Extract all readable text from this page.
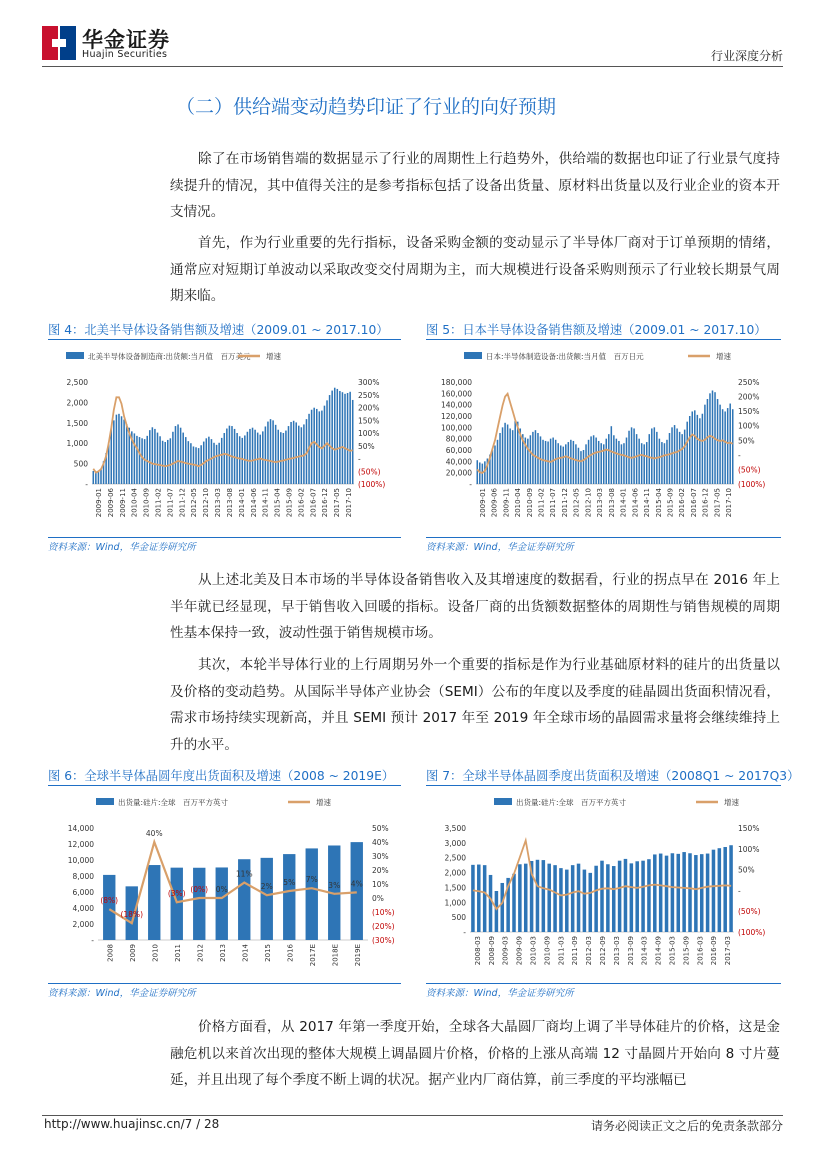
华金证券
Huajin Securities	行业深度分析
（二）供给端变动趋势印证了行业的向好预期
除了在市场销售端的数据显示了行业的周期性上行趋势外，供给端的数据也印证了行业景气度持续提升的情况，其中值得关注的是参考指标包括了设备出货量、原材料出货量以及行业企业的资本开支情况。
首先，作为行业重要的先行指标，设备采购金额的变动显示了半导体厂商对于订单预期的情绪，通常应对短期订单波动以采取改变交付周期为主，而大规模进行设备采购则预示了行业较长期景气周期来临。
图 4：北美半导体设备销售额及增速（2009.01 ~ 2017.10）	图 5：日本半导体设备销售额及增速（2009.01 ~ 2017.10）
北美半导体设备制造商:出货额:当月值　百万美元 增速
2,500
2,000
1,500
1,000
500
-
300%
250%
200%
150%
100%
50%
-
(50%)
(100%)
2009-01 2009-06 2009-11 2010-04 2010-09 2011-02 2011-07 2011-12 2012-05 2012-10 2013-03 2013-08 2014-01 2014-06 2014-11 2015-04 2015-09 2016-02 2016-07 2016-12 2017-05 2017-10
日本:半导体制造设备:出货额:当月值　百万日元	增速
180,000
160,000
140,000
120,000
100,000
80,000
60,000
40,000
20,000
-
250%
200%
150%
100%
50%
-
(50%)
(100%)
2009-01 2009-06 2009-11 2010-04 2010-09 2011-02 2011-07 2011-12 2012-05 2012-10 2013-03 2013-08 2014-01 2014-06 2014-11 2015-04 2015-09 2016-02 2016-07 2016-12 2017-05 2017-10
资料来源：Wind，华金证券研究所	资料来源：Wind，华金证券研究所
从上述北美及日本市场的半导体设备销售收入及其增速度的数据看，行业的拐点早在 2016 年上半年就已经显现，早于销售收入回暖的指标。设备厂商的出货额数据整体的周期性与销售规模的周期性基本保持一致，波动性强于销售规模市场。
其次，本轮半导体行业的上行周期另外一个重要的指标是作为行业基础原材料的硅片的出货量以及价格的变动趋势。从国际半导体产业协会（SEMI）公布的年度以及季度的硅晶圆出货面积情况看，需求市场持续实现新高，并且 SEMI 预计 2017 年至 2019 年全球市场的晶圆需求量将会继续维持上升的水平。
图 6：全球半导体晶圆年度出货面积及增速（2008 ~ 2019E）	图 7：全球半导体晶圆季度出货面积及增速（2008Q1 ~ 2017Q3）
出货量:硅片:全球　百万平方英寸	增速
14,000
12,000
10,000
8,000
6,000
4,000
2,000
-
50%
40%
30%
20%
10%
0%
(10%)
(20%)
(30%)
(8%)
(18%)
40%
(3%) (0%) 0%
11%
2% 5% 7%
3% 4%
2008 2009 2010 2011 2012 2013 2014 2015 2016 2017E 2018E 2019E
出货量:硅片:全球　百万平方英寸	增速
3,500
3,000
2,500
2,000
1,500
1,000
500
-
150%
100%
50%
-
(50%)
(100%)
2008-03 2008-09 2009-03 2009-09 2010-03 2010-09 2011-03 2011-09 2012-03 2012-09 2013-03 2013-09 2014-03 2014-09 2015-03 2015-09 2016-03 2016-09 2017-03
资料来源：Wind，华金证券研究所	资料来源：Wind，华金证券研究所
价格方面看，从 2017 年第一季度开始，全球各大晶圆厂商均上调了半导体硅片的价格，这是金融危机以来首次出现的整体大规模上调晶圆片价格，价格的上涨从高端 12 寸晶圆片开始向 8 寸片蔓延，并且出现了每个季度不断上调的状况。据产业内厂商估算，前三季度的平均涨幅已
http://www.huajinsc.cn/7 / 28	请务必阅读正文之后的免责条款部分
